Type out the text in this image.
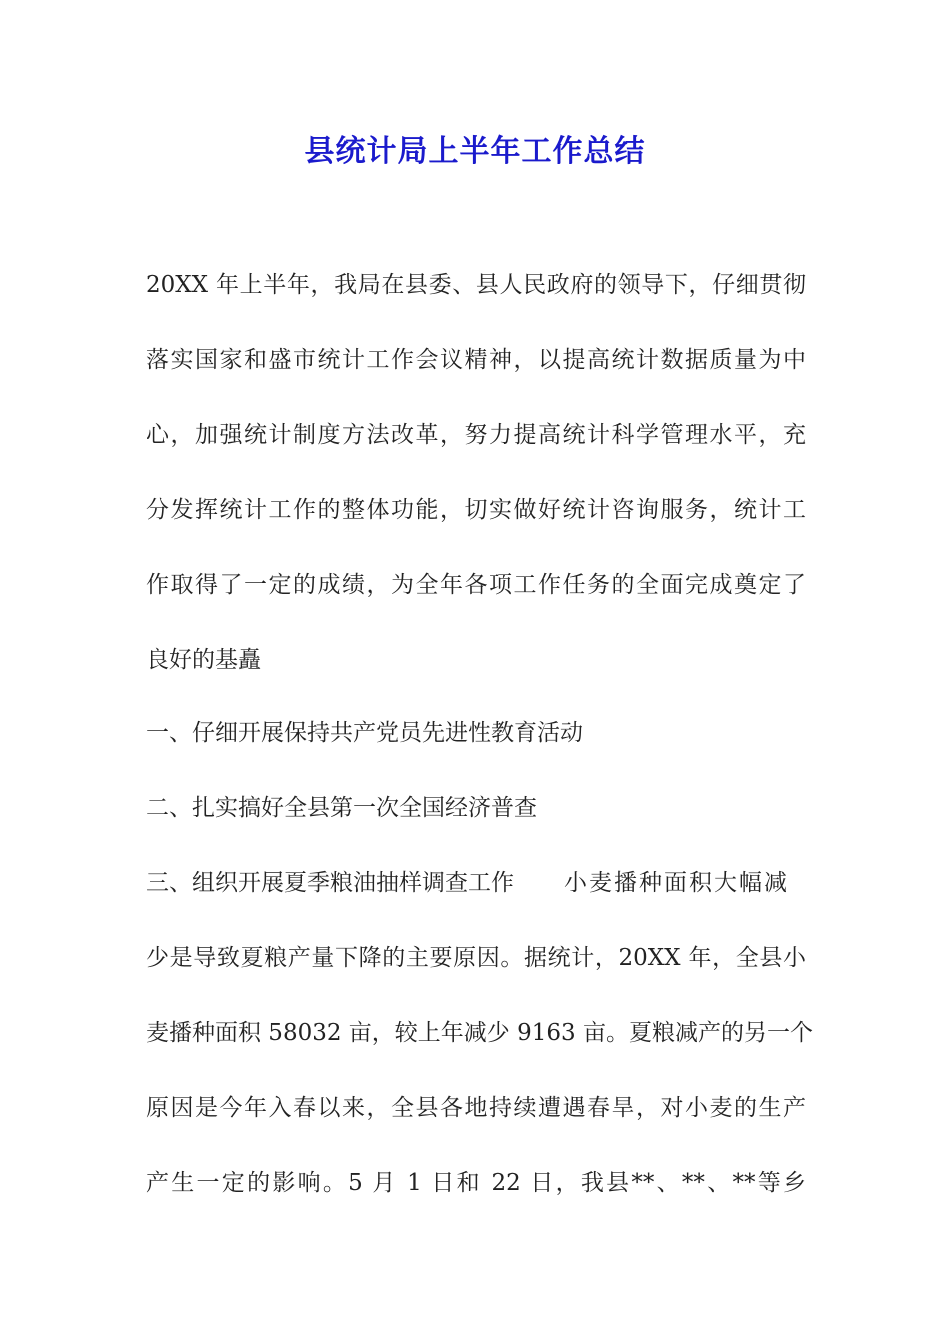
县统计局上半年工作总结
20XX 年上半年，我局在县委、县人民政府的领导下，仔细贯彻
落实国家和盛市统计工作会议精神，以提高统计数据质量为中
心，加强统计制度方法改革，努力提高统计科学管理水平，充
分发挥统计工作的整体功能，切实做好统计咨询服务，统计工
作取得了一定的成绩，为全年各项工作任务的全面完成奠定了
良好的基矗
一、仔细开展保持共产党员先进性教育活动
二、扎实搞好全县第一次全国经济普查
三、组织开展夏季粮油抽样调查工作 小麦播种面积大幅减
少是导致夏粮产量下降的主要原因。据统计，20XX 年，全县小
麦播种面积 58032 亩，较上年减少 9163 亩。夏粮减产的另一个
原因是今年入春以来，全县各地持续遭遇春旱，对小麦的生产
产生一定的影响。5 月 1 日和 22 日，我县**、**、**等乡
